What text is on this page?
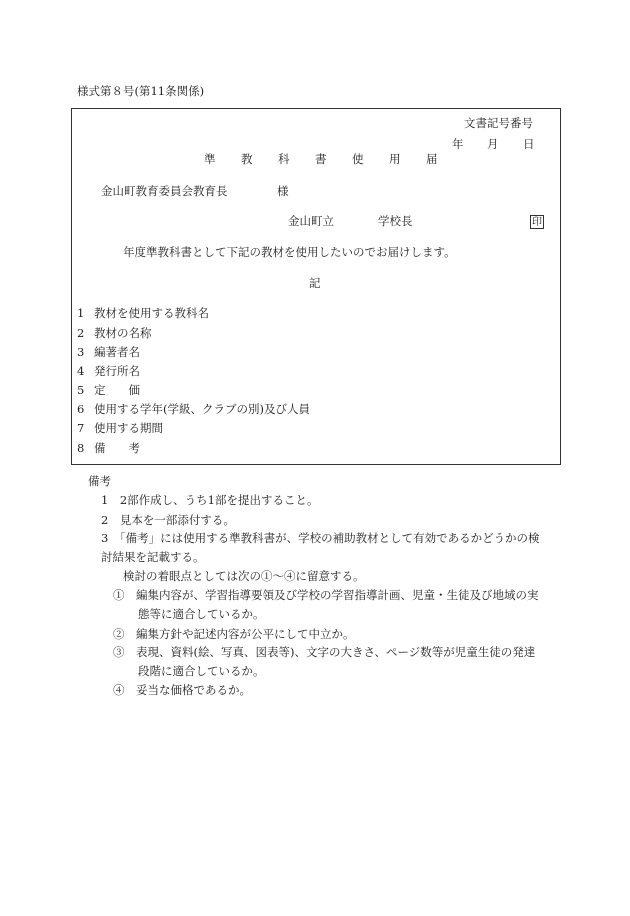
様式第８号(第11条関係)
文書記号番号
年 月 日
準 教 科 書 使 用 届
金山町教育委員会教育長	様
金山町立	学校長	印
年度準教科書として下記の教材を使用したいのでお届けします。
記
1 教材を使用する教科名
2 教材の名称
3 編著者名
4 発行所名
5 定　　価
6 使用する学年(学級、クラブの別)及び人員
7 使用する期間
8 備　　考
備考
1　2部作成し、うち1部を提出すること。
2　見本を一部添付する。
3　「備考」には使用する準教科書が、学校の補助教材として有効であるかどうかの検
討結果を記載する。
検討の着眼点としては次の①～④に留意する。
①　編集内容が、学習指導要領及び学校の学習指導計画、児童・生徒及び地域の実
態等に適合しているか。
②　編集方針や記述内容が公平にして中立か。
③　表現、資料(絵、写真、図表等)、文字の大きさ、ページ数等が児童生徒の発達
段階に適合しているか。
④　妥当な価格であるか。
